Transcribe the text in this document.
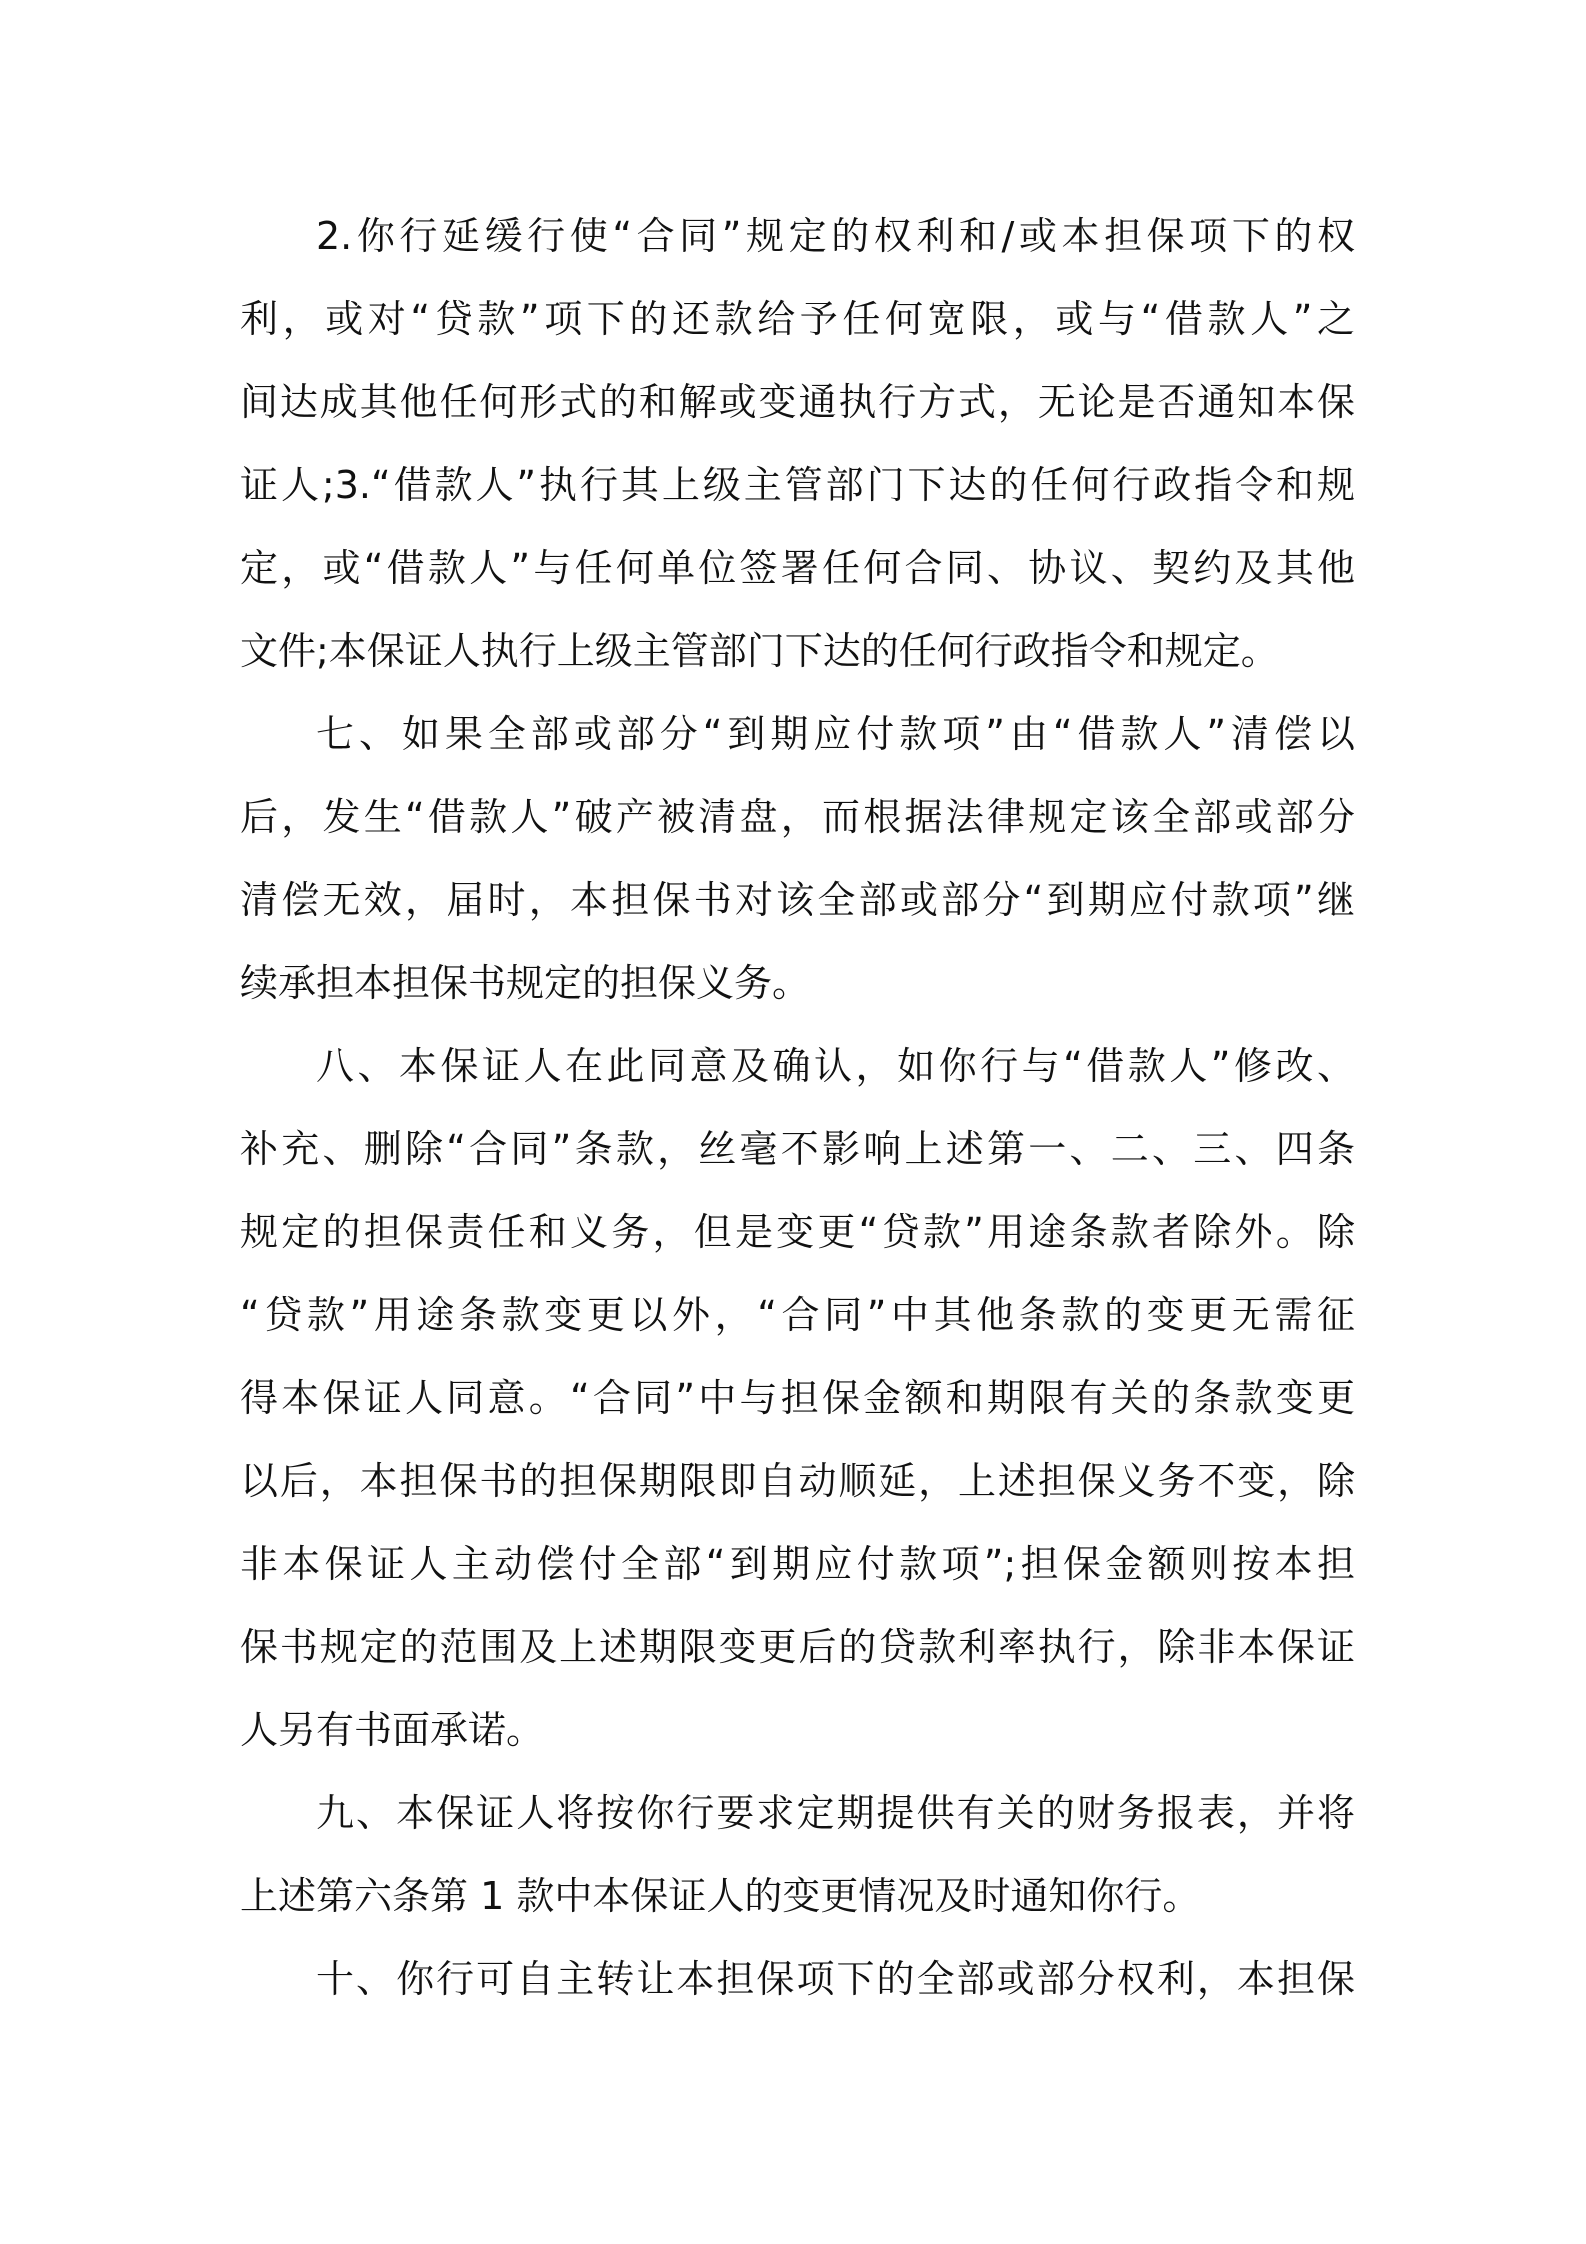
2.你行延缓行使“合同”规定的权利和/或本担保项下的权
利，或对“贷款”项下的还款给予任何宽限，或与“借款人”之
间达成其他任何形式的和解或变通执行方式，无论是否通知本保
证人;3.“借款人”执行其上级主管部门下达的任何行政指令和规
定，或“借款人”与任何单位签署任何合同、协议、契约及其他
文件;本保证人执行上级主管部门下达的任何行政指令和规定。
七、如果全部或部分“到期应付款项”由“借款人”清偿以
后，发生“借款人”破产被清盘，而根据法律规定该全部或部分
清偿无效，届时，本担保书对该全部或部分“到期应付款项”继
续承担本担保书规定的担保义务。
八、本保证人在此同意及确认，如你行与“借款人”修改、
补充、删除“合同”条款，丝毫不影响上述第一、二、三、四条
规定的担保责任和义务，但是变更“贷款”用途条款者除外。除
“贷款”用途条款变更以外，“合同”中其他条款的变更无需征
得本保证人同意。“合同”中与担保金额和期限有关的条款变更
以后，本担保书的担保期限即自动顺延，上述担保义务不变，除
非本保证人主动偿付全部“到期应付款项”;担保金额则按本担
保书规定的范围及上述期限变更后的贷款利率执行，除非本保证
人另有书面承诺。
九、本保证人将按你行要求定期提供有关的财务报表，并将
上述第六条第 1 款中本保证人的变更情况及时通知你行。
十、你行可自主转让本担保项下的全部或部分权利，本担保
